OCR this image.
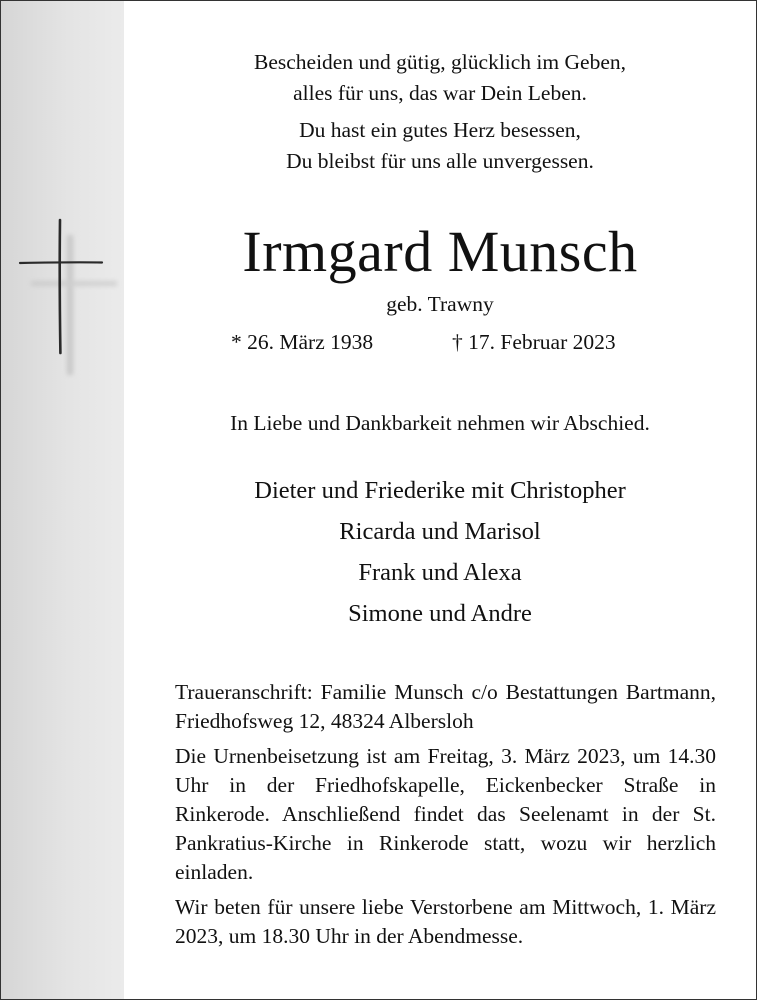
Bescheiden und gütig, glücklich im Geben,

alles für uns, das war Dein Leben.

Du hast ein gutes Herz besessen,

Du bleibst für uns alle unvergessen.

Irmgard Munsch
geb. Trawny
* 26. März 1938	† 17. Februar 2023
In Liebe und Dankbarkeit nehmen wir Abschied.
Dieter und Friederike mit Christopher
Ricarda und Marisol
Frank und Alexa
Simone und Andre

Traueranschrift: Familie Munsch c/o Bestattungen Bartmann, Friedhofsweg 12, 48324 Albersloh

Die Urnenbeisetzung ist am Freitag, 3. März 2023, um 14.30 Uhr in der Friedhofskapelle, Eickenbecker Straße in Rinkerode. Anschließend findet das Seelenamt in der St. Pankratius-Kirche in Rinkerode statt, wozu wir herzlich einladen.

Wir beten für unsere liebe Verstorbene am Mittwoch, 1. März 2023, um 18.30 Uhr in der Abendmesse.
